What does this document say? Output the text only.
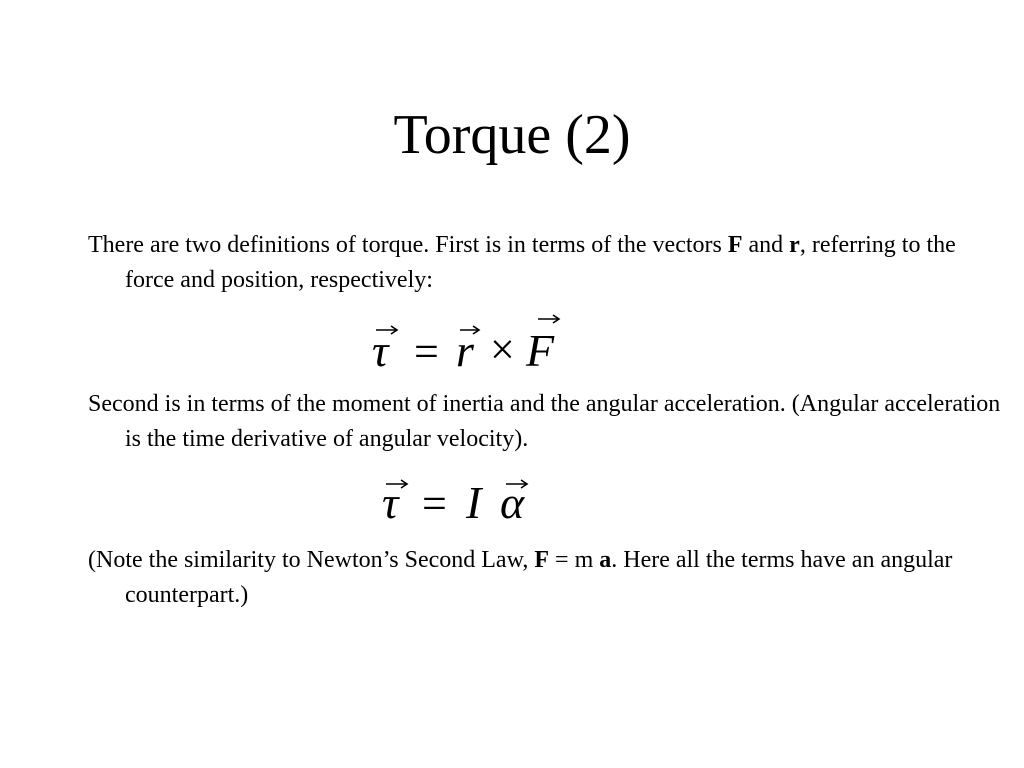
Torque (2)

There are two definitions of torque. First is in terms of the vectors F and r, referring to the force and position, respectively:

τ = r × F

Second is in terms of the moment of inertia and the angular acceleration. (Angular acceleration is the time derivative of angular velocity).

τ = I α

(Note the similarity to Newton’s Second Law, F = m a. Here all the terms have an angular counterpart.)
